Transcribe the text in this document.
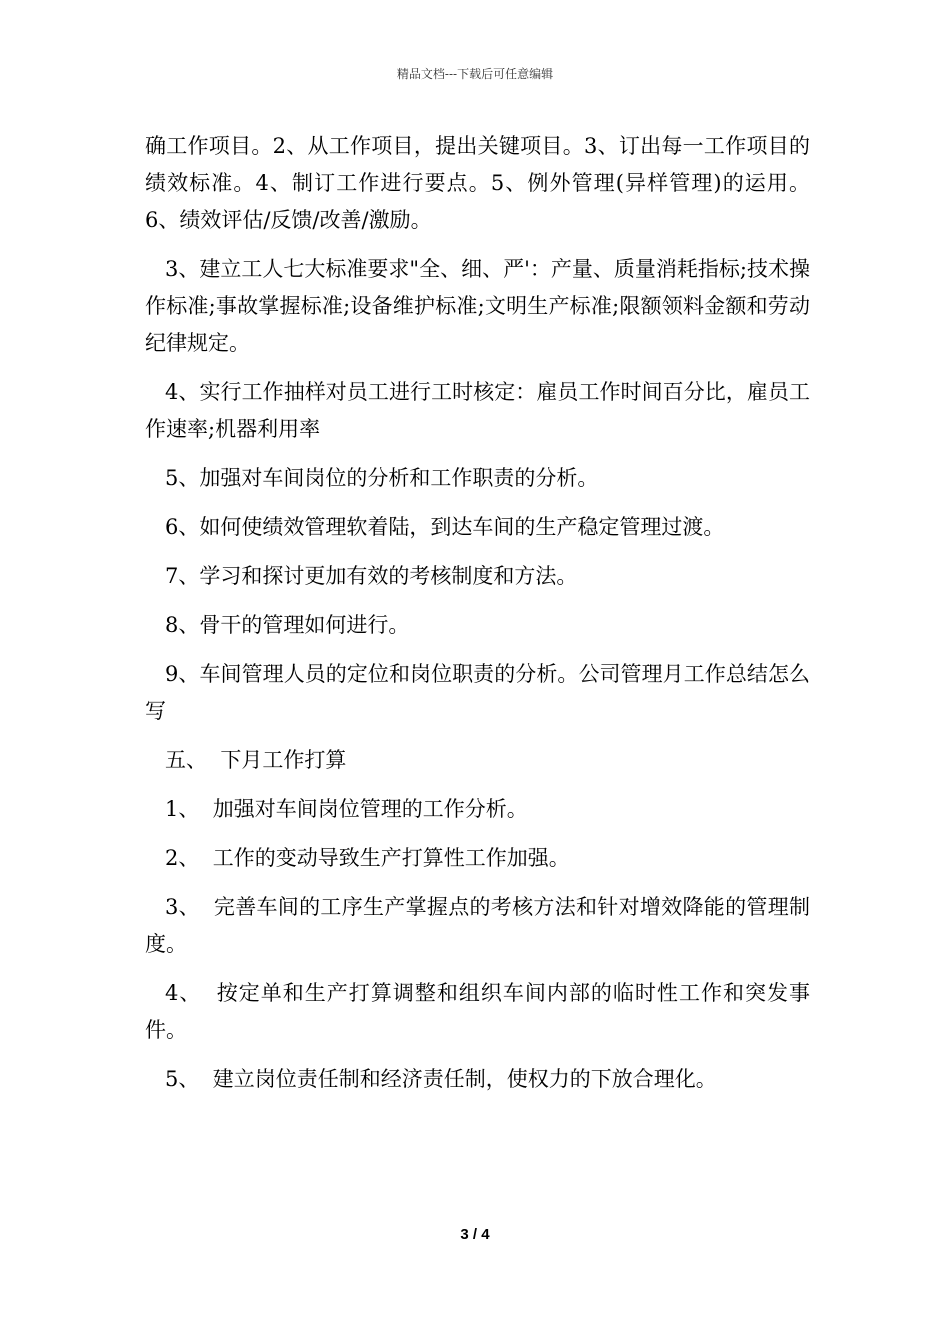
精品文档---下载后可任意编辑

确工作项目。2、从工作项目，提出关键项目。3、订出每一工作项目的绩效标准。4、制订工作进行要点。5、例外管理(异样管理)的运用。6、绩效评估/反馈/改善/激励。

3、建立工人七大标准要求"全、细、严'：产量、质量消耗指标;技术操作标准;事故掌握标准;设备维护标准;文明生产标准;限额领料金额和劳动纪律规定。

4、实行工作抽样对员工进行工时核定：雇员工作时间百分比，雇员工作速率;机器利用率

5、加强对车间岗位的分析和工作职责的分析。

6、如何使绩效管理软着陆，到达车间的生产稳定管理过渡。

7、学习和探讨更加有效的考核制度和方法。

8、骨干的管理如何进行。

9、车间管理人员的定位和岗位职责的分析。公司管理月工作总结怎么写

五、  下月工作打算

1、  加强对车间岗位管理的工作分析。

2、  工作的变动导致生产打算性工作加强。

3、  完善车间的工序生产掌握点的考核方法和针对增效降能的管理制度。

4、  按定单和生产打算调整和组织车间内部的临时性工作和突发事件。

5、  建立岗位责任制和经济责任制，使权力的下放合理化。

3 / 4
